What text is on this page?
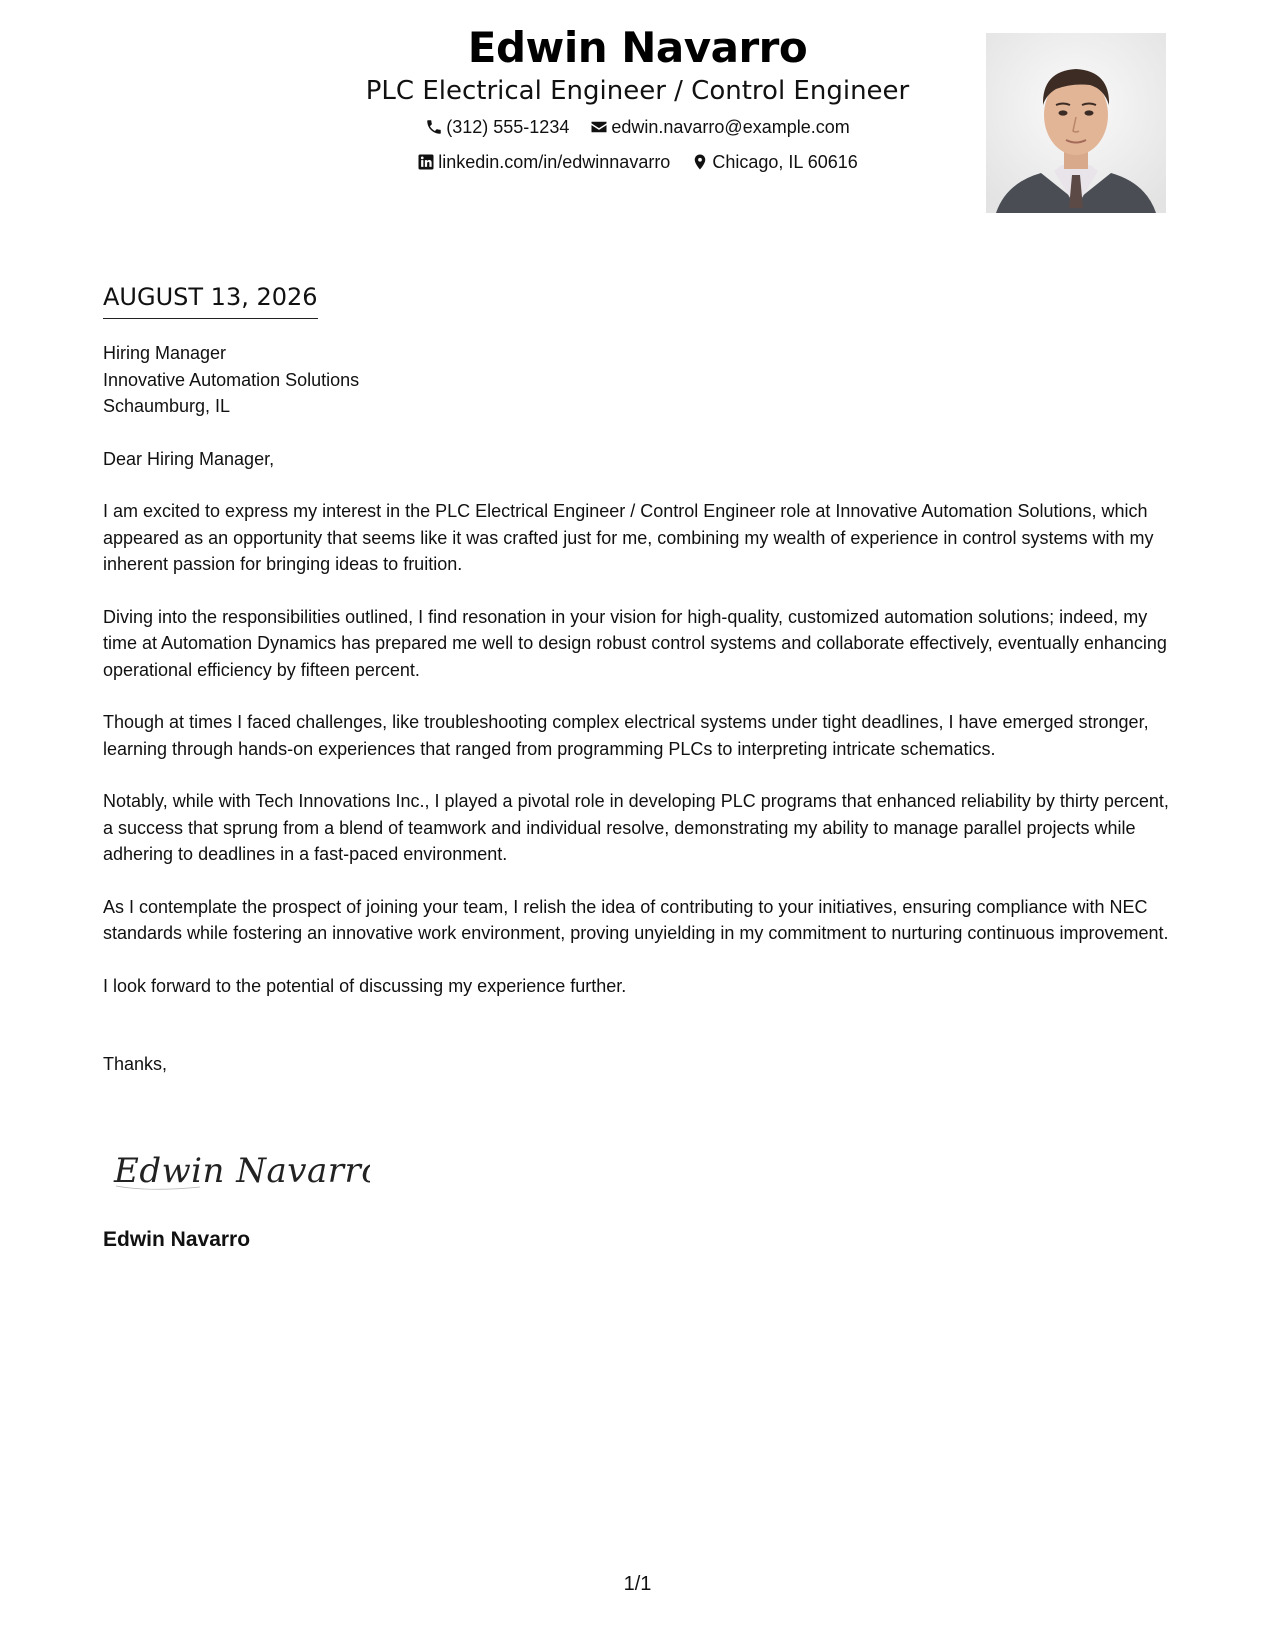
Edwin Navarro
PLC Electrical Engineer / Control Engineer
(312) 555-1234
edwin.navarro@example.com
linkedin.com/in/edwinnavarro
Chicago, IL 60616
AUGUST 13, 2026
Hiring Manager
Innovative Automation Solutions
Schaumburg, IL
Dear Hiring Manager,
I am excited to express my interest in the PLC Electrical Engineer / Control Engineer role at Innovative Automation Solutions, which appeared as an opportunity that seems like it was crafted just for me, combining my wealth of experience in control systems with my inherent passion for bringing ideas to fruition.
Diving into the responsibilities outlined, I find resonation in your vision for high-quality, customized automation solutions; indeed, my time at Automation Dynamics has prepared me well to design robust control systems and collaborate effectively, eventually enhancing operational efficiency by fifteen percent.
Though at times I faced challenges, like troubleshooting complex electrical systems under tight deadlines, I have emerged stronger, learning through hands-on experiences that ranged from programming PLCs to interpreting intricate schematics.
Notably, while with Tech Innovations Inc., I played a pivotal role in developing PLC programs that enhanced reliability by thirty percent, a success that sprung from a blend of teamwork and individual resolve, demonstrating my ability to manage parallel projects while adhering to deadlines in a fast-paced environment.
As I contemplate the prospect of joining your team, I relish the idea of contributing to your initiatives, ensuring compliance with NEC standards while fostering an innovative work environment, proving unyielding in my commitment to nurturing continuous improvement.
I look forward to the potential of discussing my experience further.
Thanks,
Edwin Navarro
Edwin Navarro
1/1
